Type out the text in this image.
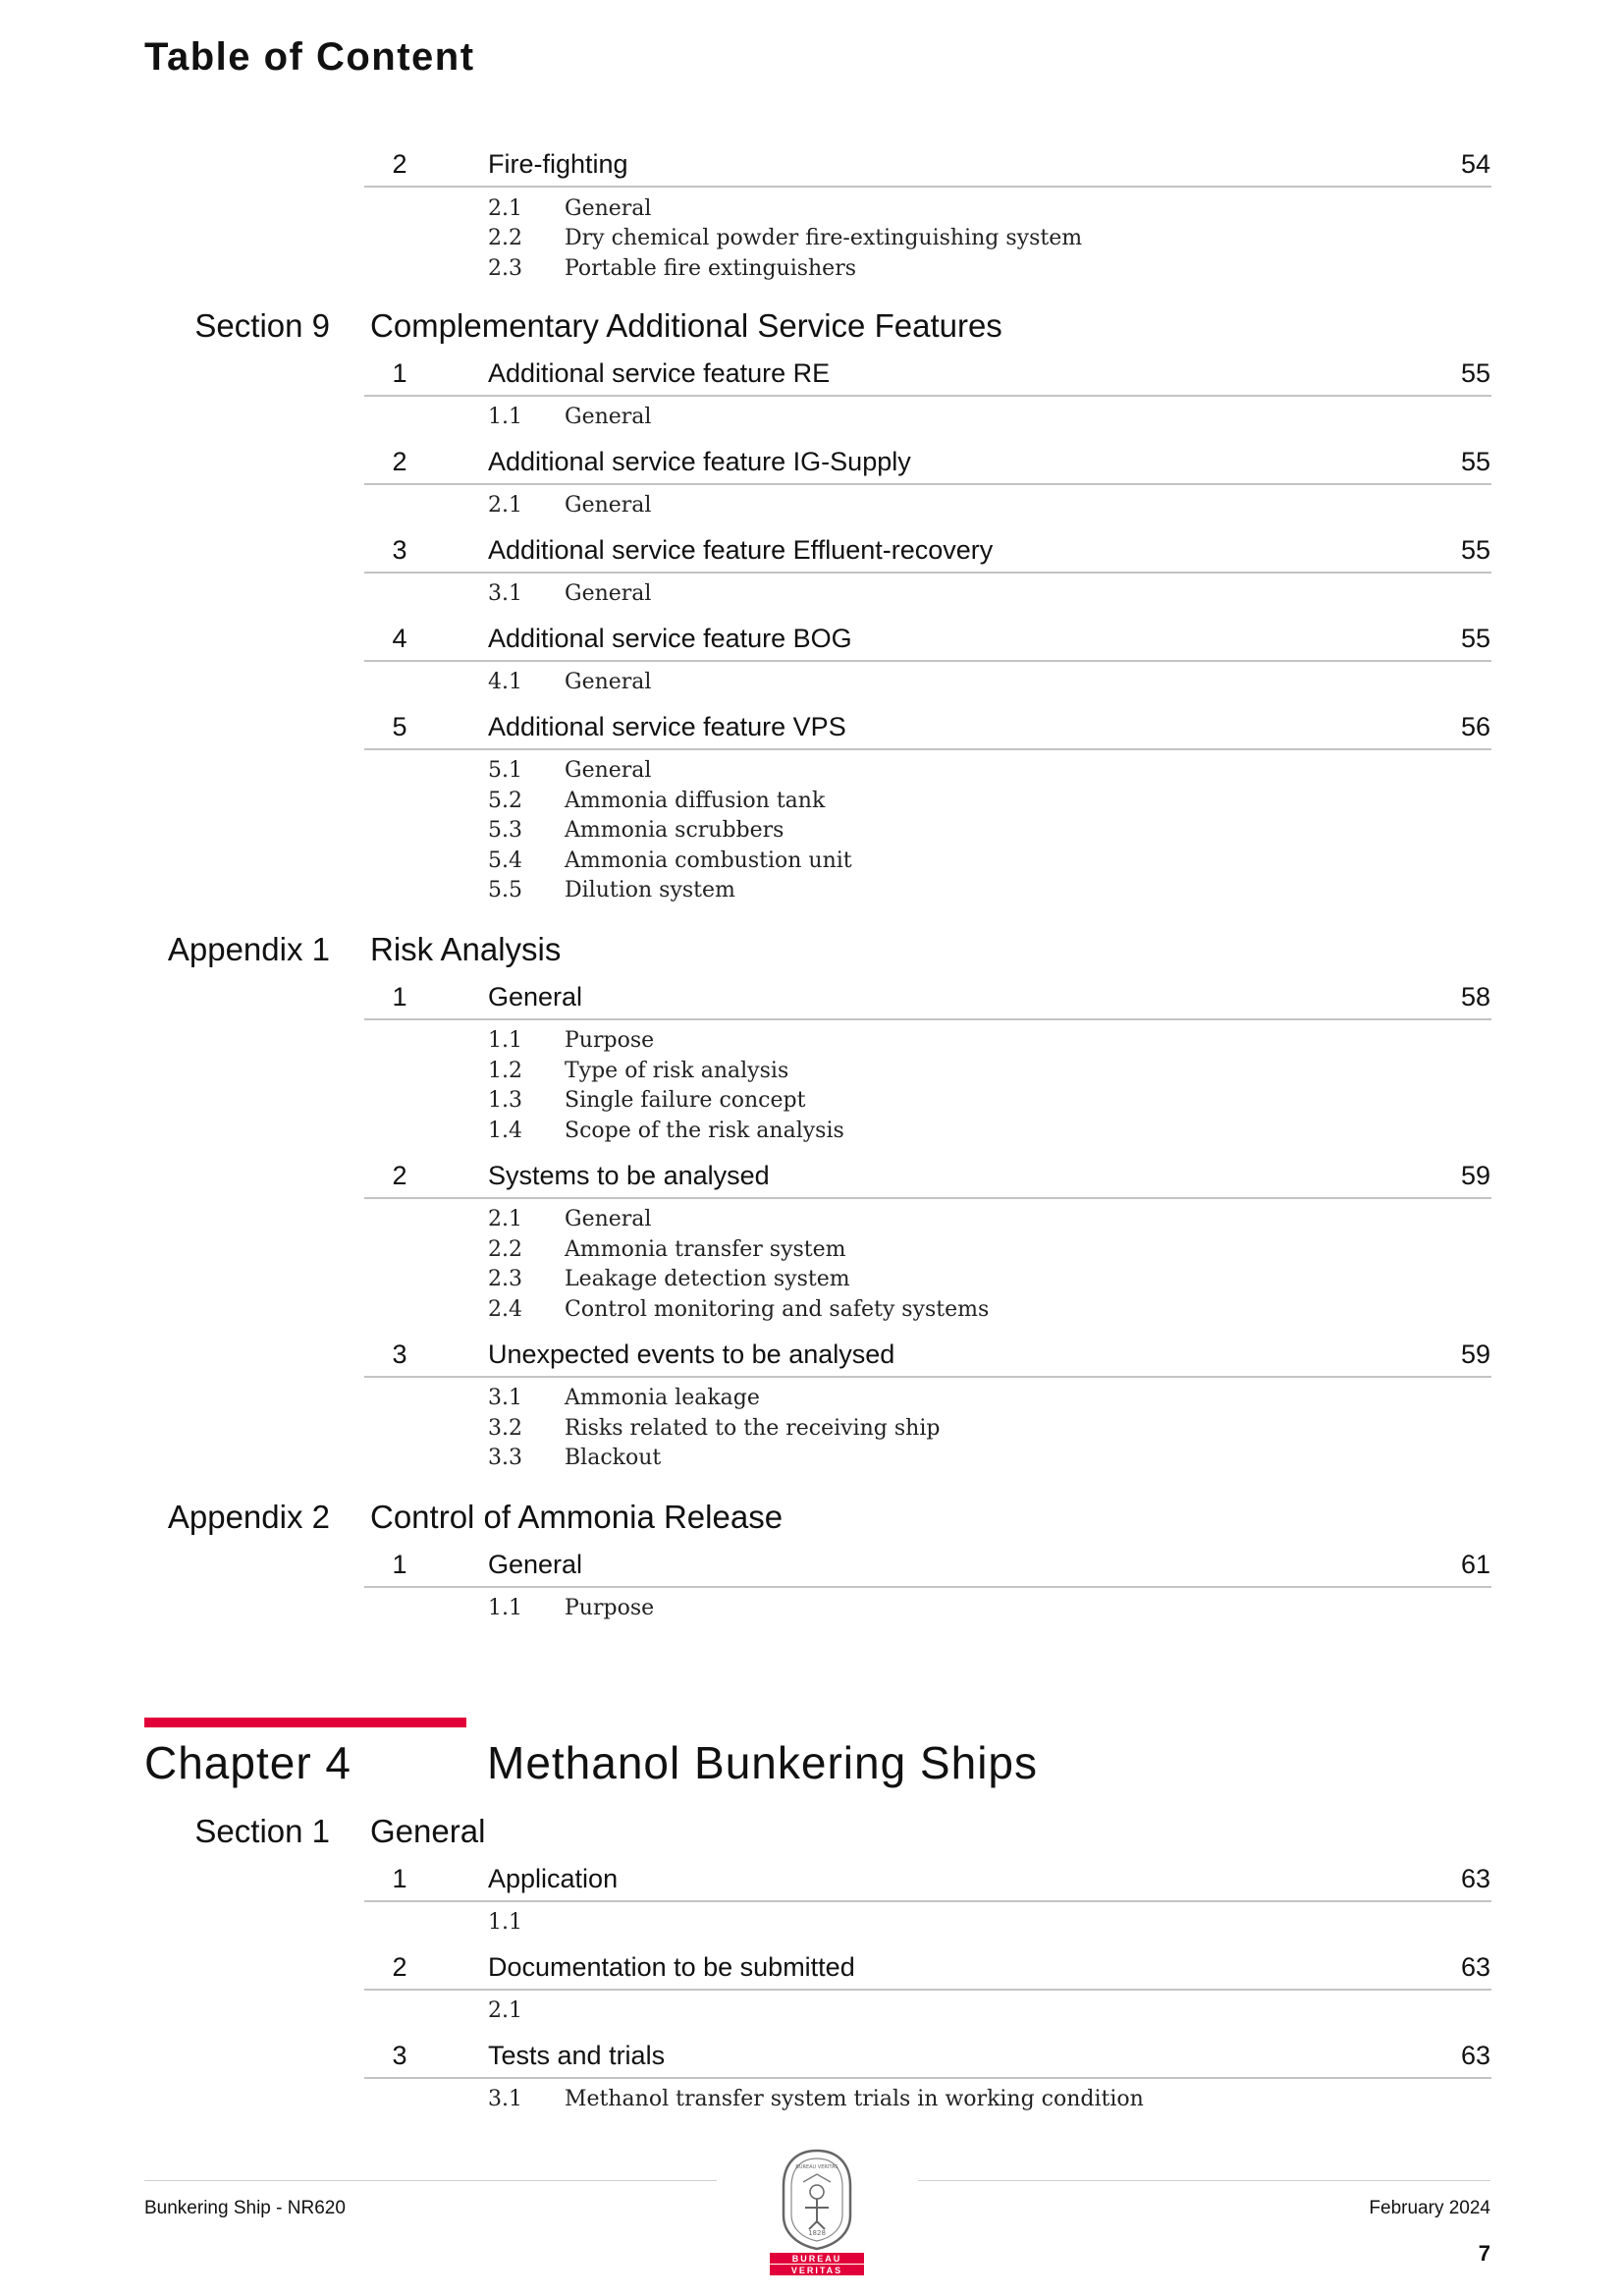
Table of Content
2	Fire-fighting	54
2.1 General
2.2 Dry chemical powder fire-extinguishing system
2.3 Portable fire extinguishers
Section 9 Complementary Additional Service Features
1	Additional service feature RE	55
1.1 General
2	Additional service feature IG-Supply	55
2.1 General
3	Additional service feature Effluent-recovery	55
3.1 General
4	Additional service feature BOG	55
4.1 General
5	Additional service feature VPS	56
5.1 General
5.2 Ammonia diffusion tank
5.3 Ammonia scrubbers
5.4 Ammonia combustion unit
5.5 Dilution system
Appendix 1 Risk Analysis
1	General	58
1.1 Purpose
1.2 Type of risk analysis
1.3 Single failure concept
1.4 Scope of the risk analysis
2	Systems to be analysed	59
2.1 General
2.2 Ammonia transfer system
2.3 Leakage detection system
2.4 Control monitoring and safety systems
3	Unexpected events to be analysed	59
3.1 Ammonia leakage
3.2 Risks related to the receiving ship
3.3 Blackout
Appendix 2 Control of Ammonia Release
1	General	61
1.1 Purpose
Chapter 4	Methanol Bunkering Ships
Section 1 General
1	Application	63
1.1
2	Documentation to be submitted	63
2.1
3	Tests and trials	63
3.1 Methanol transfer system trials in working condition
Bunkering Ship - NR620	February 2024
7
1828
BUREAU VERITAS
BUREAU
VERITAS
